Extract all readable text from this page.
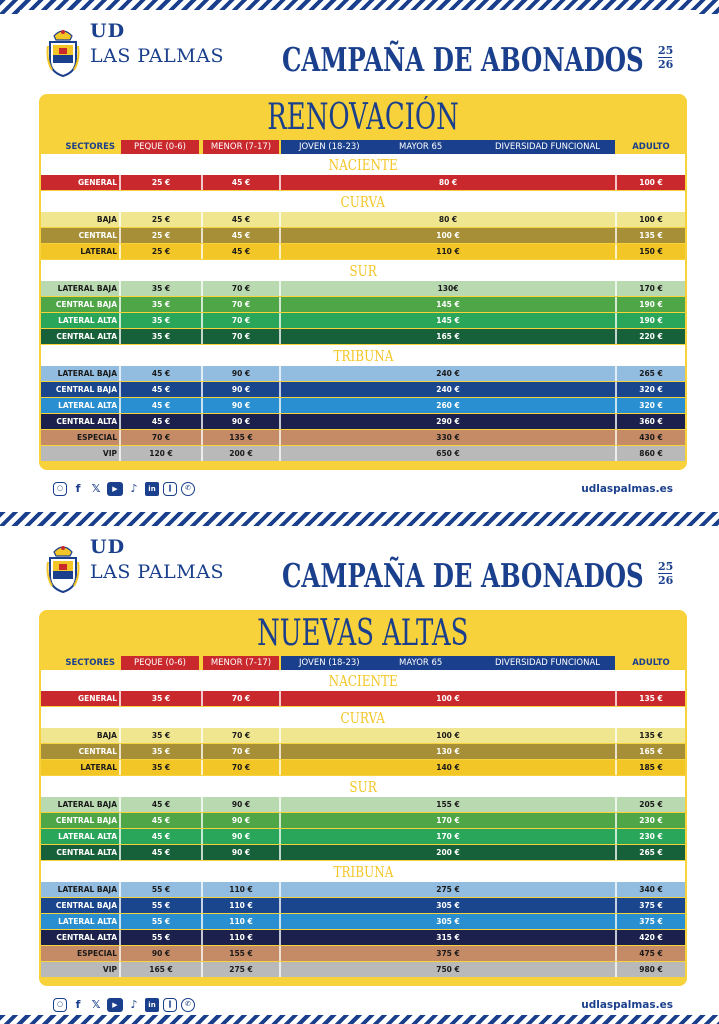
UD
LAS PALMAS CAMPAÑA DE ABONADOS 25
26
RENOVACIÓN
SECTORES	PEQUE (0-6)	MENOR (7-17)	JOVEN (18-23)	MAYOR 65	DIVERSIDAD FUNCIONAL	ADULTO
NACIENTE
GENERAL	25 €	45 €	80 €	100 €
CURVA
BAJA	25 €	45 €	80 €	100 €
CENTRAL	25 €	45 €	100 €	135 €
LATERAL	25 €	45 €	110 €	150 €
SUR
LATERAL BAJA	35 €	70 €	130€	170 €
CENTRAL BAJA	35 €	70 €	145 €	190 €
LATERAL ALTA	35 €	70 €	145 €	190 €
CENTRAL ALTA	35 €	70 €	165 €	220 €
TRIBUNA
LATERAL BAJA	45 €	90 €	240 €	265 €
CENTRAL BAJA	45 €	90 €	240 €	320 €
LATERAL ALTA	45 €	90 €	260 €	320 €
CENTRAL ALTA	45 €	90 €	290 €	360 €
ESPECIAL	70 €	135 €	330 €	430 €
VIP	120 €	200 €	650 €	860 €
○	f	𝕏	▶	♪	in	‖	✆	udlaspalmas.es
UD
LAS PALMAS CAMPAÑA DE ABONADOS 25
26
NUEVAS ALTAS
SECTORES	PEQUE (0-6)	MENOR (7-17)	JOVEN (18-23)	MAYOR 65	DIVERSIDAD FUNCIONAL	ADULTO
NACIENTE
GENERAL	35 €	70 €	100 €	135 €
CURVA
BAJA	35 €	70 €	100 €	135 €
CENTRAL	35 €	70 €	130 €	165 €
LATERAL	35 €	70 €	140 €	185 €
SUR
LATERAL BAJA	45 €	90 €	155 €	205 €
CENTRAL BAJA	45 €	90 €	170 €	230 €
LATERAL ALTA	45 €	90 €	170 €	230 €
CENTRAL ALTA	45 €	90 €	200 €	265 €
TRIBUNA
LATERAL BAJA	55 €	110 €	275 €	340 €
CENTRAL BAJA	55 €	110 €	305 €	375 €
LATERAL ALTA	55 €	110 €	305 €	375 €
CENTRAL ALTA	55 €	110 €	315 €	420 €
ESPECIAL	90 €	155 €	375 €	475 €
VIP	165 €	275 €	750 €	980 €
○	f	𝕏	▶	♪	in	‖	✆	udlaspalmas.es
